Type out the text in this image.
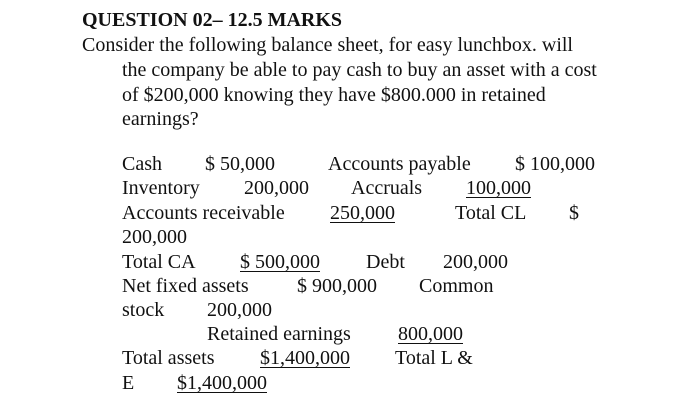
QUESTION 02– 12.5 MARKS
Consider the following balance sheet, for easy lunchbox. will
the company be able to pay cash to buy an asset with a cost
of $200,000 knowing they have $800.000 in retained
earnings?
Cash $ 50,000	Accounts payable $ 100,000
Inventory 200,000 Accruals 100,000
Accounts receivable 250,000	Total CL $
200,000
Total CA $ 500,000 Debt 200,000
Net fixed assets $ 900,000 Common
stock 200,000
Retained earnings 800,000
Total assets $1,400,000 Total L &
E $1,400,000
